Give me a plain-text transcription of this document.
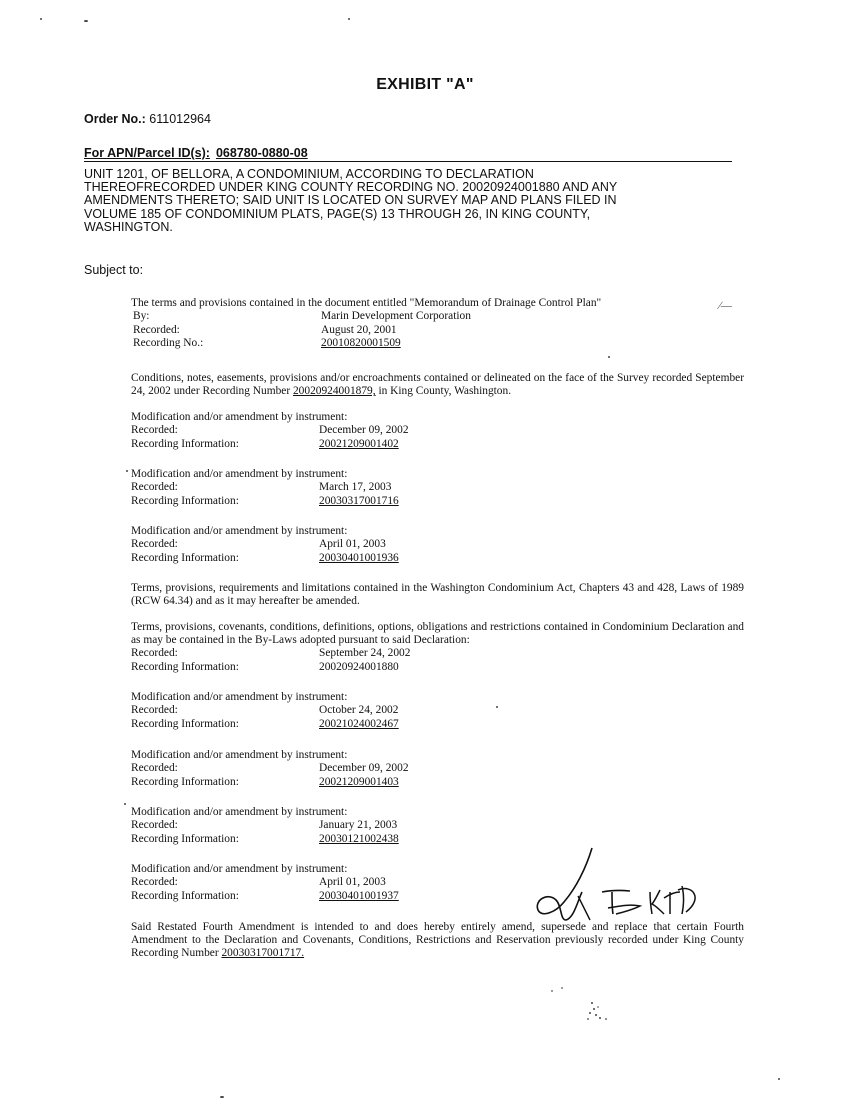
EXHIBIT "A"
Order No.: 611012964
For APN/Parcel ID(s): 068780-0880-08
UNIT 1201, OF BELLORA, A CONDOMINIUM, ACCORDING TO DECLARATION
THEREOFRECORDED UNDER KING COUNTY RECORDING NO. 20020924001880 AND ANY
AMENDMENTS THERETO; SAID UNIT IS LOCATED ON SURVEY MAP AND PLANS FILED IN
VOLUME 185 OF CONDOMINIUM PLATS, PAGE(S) 13 THROUGH 26, IN KING COUNTY,
WASHINGTON.
Subject to:
The terms and provisions contained in the document entitled "Memorandum of Drainage Control Plan"
By:	Marin Development Corporation
Recorded:	August 20, 2001
Recording No.:	20010820001509
∕—
Conditions, notes, easements, provisions and/or encroachments contained or delineated on the face of the Survey recorded September 24, 2002 under Recording Number 20020924001879, in King County, Washington.
Modification and/or amendment by instrument:
Recorded:	December 09, 2002
Recording Information:	20021209001402
Modification and/or amendment by instrument:
Recorded:	March 17, 2003
Recording Information:	20030317001716
Modification and/or amendment by instrument:
Recorded:	April 01, 2003
Recording Information:	20030401001936
Terms, provisions, requirements and limitations contained in the Washington Condominium Act, Chapters 43 and 428, Laws of 1989 (RCW 64.34) and as it may hereafter be amended.
Terms, provisions, covenants, conditions, definitions, options, obligations and restrictions contained in Condominium Declaration and as may be contained in the By-Laws adopted pursuant to said Declaration:
Recorded:	September 24, 2002
Recording Information:	20020924001880
Modification and/or amendment by instrument:
Recorded:	October 24, 2002
Recording Information:	20021024002467
Modification and/or amendment by instrument:
Recorded:	December 09, 2002
Recording Information:	20021209001403
Modification and/or amendment by instrument:
Recorded:	January 21, 2003
Recording Information:	20030121002438
Modification and/or amendment by instrument:
Recorded:	April 01, 2003
Recording Information:	20030401001937
Said Restated Fourth Amendment is intended to and does hereby entirely amend, supersede and replace that certain Fourth Amendment to the Declaration and Covenants, Conditions, Restrictions and Reservation previously recorded under King County Recording Number 20030317001717.
